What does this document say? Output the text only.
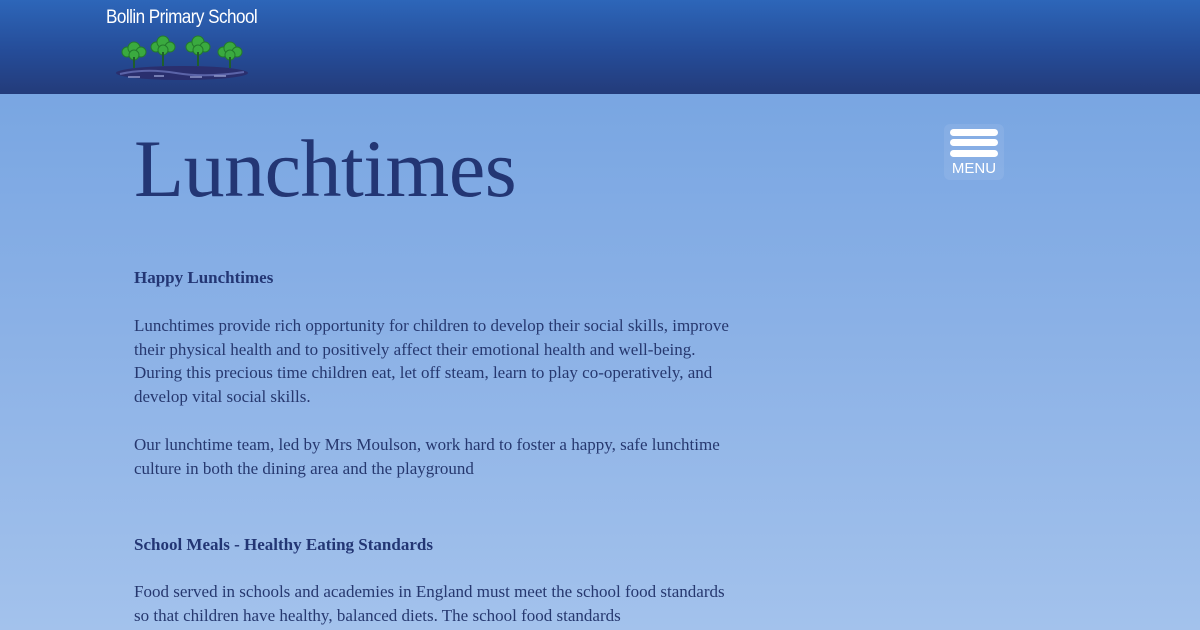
Bollin Primary School
MENU
Lunchtimes

Happy Lunchtimes

Lunchtimes provide rich opportunity for children to develop their social skills, improve their physical health and to positively affect their emotional health and well-being. During this precious time children eat, let off steam, learn to play co-operatively, and develop vital social skills.

Our lunchtime team, led by Mrs Moulson, work hard to foster a happy, safe lunchtime culture in both the dining area and the playground

School Meals - Healthy Eating Standards

Food served in schools and academies in England must meet the school food standards so that children have healthy, balanced diets. The school food standards
